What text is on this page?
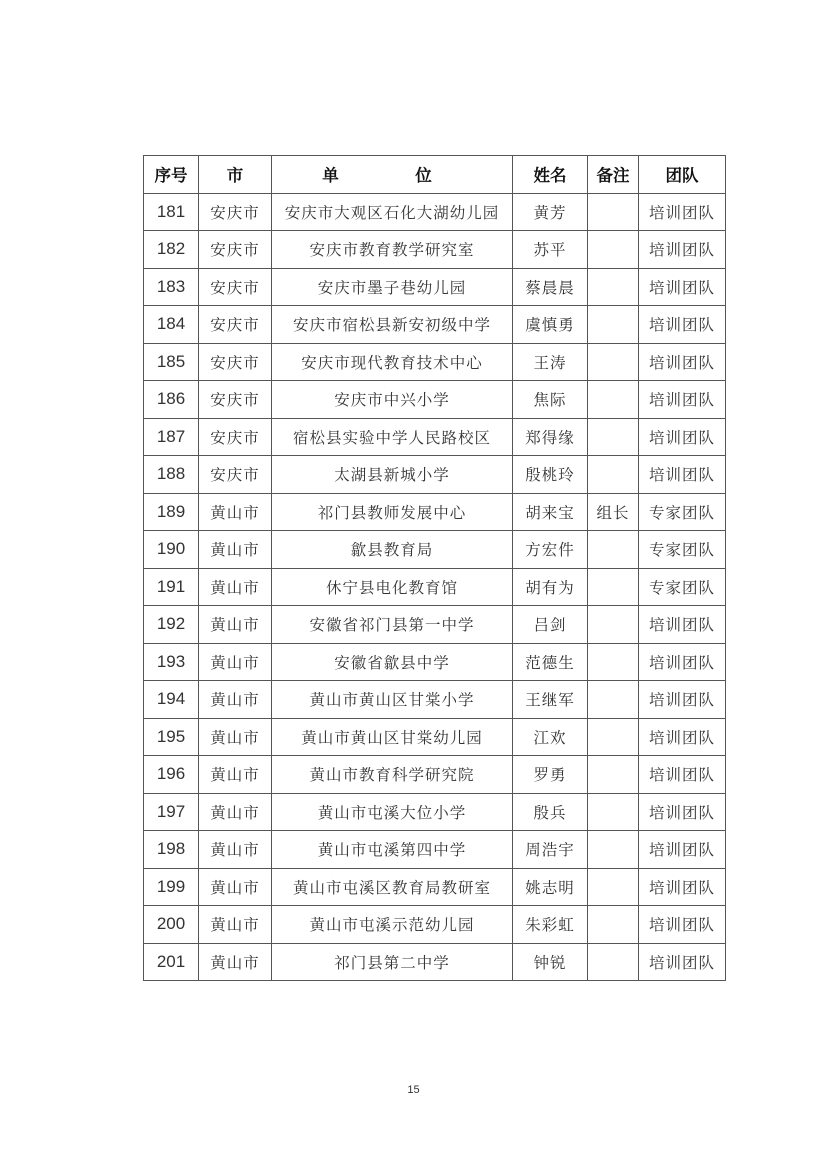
序号	市	单　位	姓名	备注	团队
181	安庆市	安庆市大观区石化大湖幼儿园	黄芳		培训团队
182	安庆市	安庆市教育教学研究室	苏平		培训团队
183	安庆市	安庆市墨子巷幼儿园	蔡晨晨		培训团队
184	安庆市	安庆市宿松县新安初级中学	虞慎勇		培训团队
185	安庆市	安庆市现代教育技术中心	王涛		培训团队
186	安庆市	安庆市中兴小学	焦际		培训团队
187	安庆市	宿松县实验中学人民路校区	郑得缘		培训团队
188	安庆市	太湖县新城小学	殷桃玲		培训团队
189	黄山市	祁门县教师发展中心	胡来宝	组长	专家团队
190	黄山市	歙县教育局	方宏件		专家团队
191	黄山市	休宁县电化教育馆	胡有为		专家团队
192	黄山市	安徽省祁门县第一中学	吕剑		培训团队
193	黄山市	安徽省歙县中学	范德生		培训团队
194	黄山市	黄山市黄山区甘棠小学	王继军		培训团队
195	黄山市	黄山市黄山区甘棠幼儿园	江欢		培训团队
196	黄山市	黄山市教育科学研究院	罗勇		培训团队
197	黄山市	黄山市屯溪大位小学	殷兵		培训团队
198	黄山市	黄山市屯溪第四中学	周浩宇		培训团队
199	黄山市	黄山市屯溪区教育局教研室	姚志明		培训团队
200	黄山市	黄山市屯溪示范幼儿园	朱彩虹		培训团队
201	黄山市	祁门县第二中学	钟锐		培训团队
15
